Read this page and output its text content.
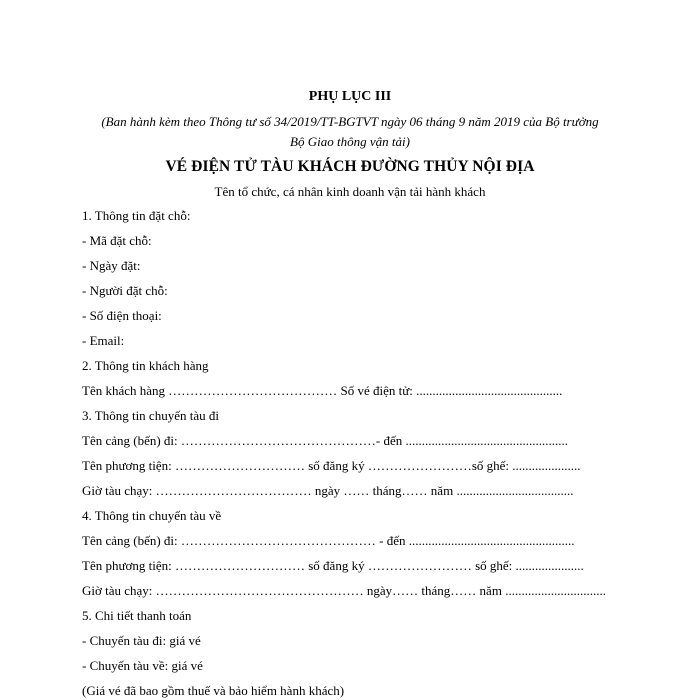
PHỤ LỤC III
(Ban hành kèm theo Thông tư số 34/2019/TT-BGTVT ngày 06 tháng 9 năm 2019 của Bộ trưởng
Bộ Giao thông vận tải)
VÉ ĐIỆN TỬ TÀU KHÁCH ĐƯỜNG THỦY NỘI ĐỊA
Tên tổ chức, cá nhân kinh doanh vận tải hành khách
1. Thông tin đặt chỗ:
- Mã đặt chỗ:
- Ngày đặt:
- Người đặt chỗ:
- Số điện thoại:
- Email:
2. Thông tin khách hàng
Tên khách hàng ………………………………… Số vé điện tử: .............................................
3. Thông tin chuyến tàu đi
Tên cảng (bến) đi: ………………………………………- đến ..................................................
Tên phương tiện: ………………………… số đăng ký ……………………số ghế: .....................
Giờ tàu chạy: ……………………………… ngày …… tháng…… năm ....................................
4. Thông tin chuyến tàu về
Tên cảng (bến) đi: ……………………………………… - đến ...................................................
Tên phương tiện: ………………………… số đăng ký …………………… số ghế: .....................
Giờ tàu chạy: ………………………………………… ngày…… tháng…… năm ...............................
5. Chi tiết thanh toán
- Chuyến tàu đi: giá vé
- Chuyến tàu về: giá vé
(Giá vé đã bao gồm thuế và bảo hiểm hành khách)
